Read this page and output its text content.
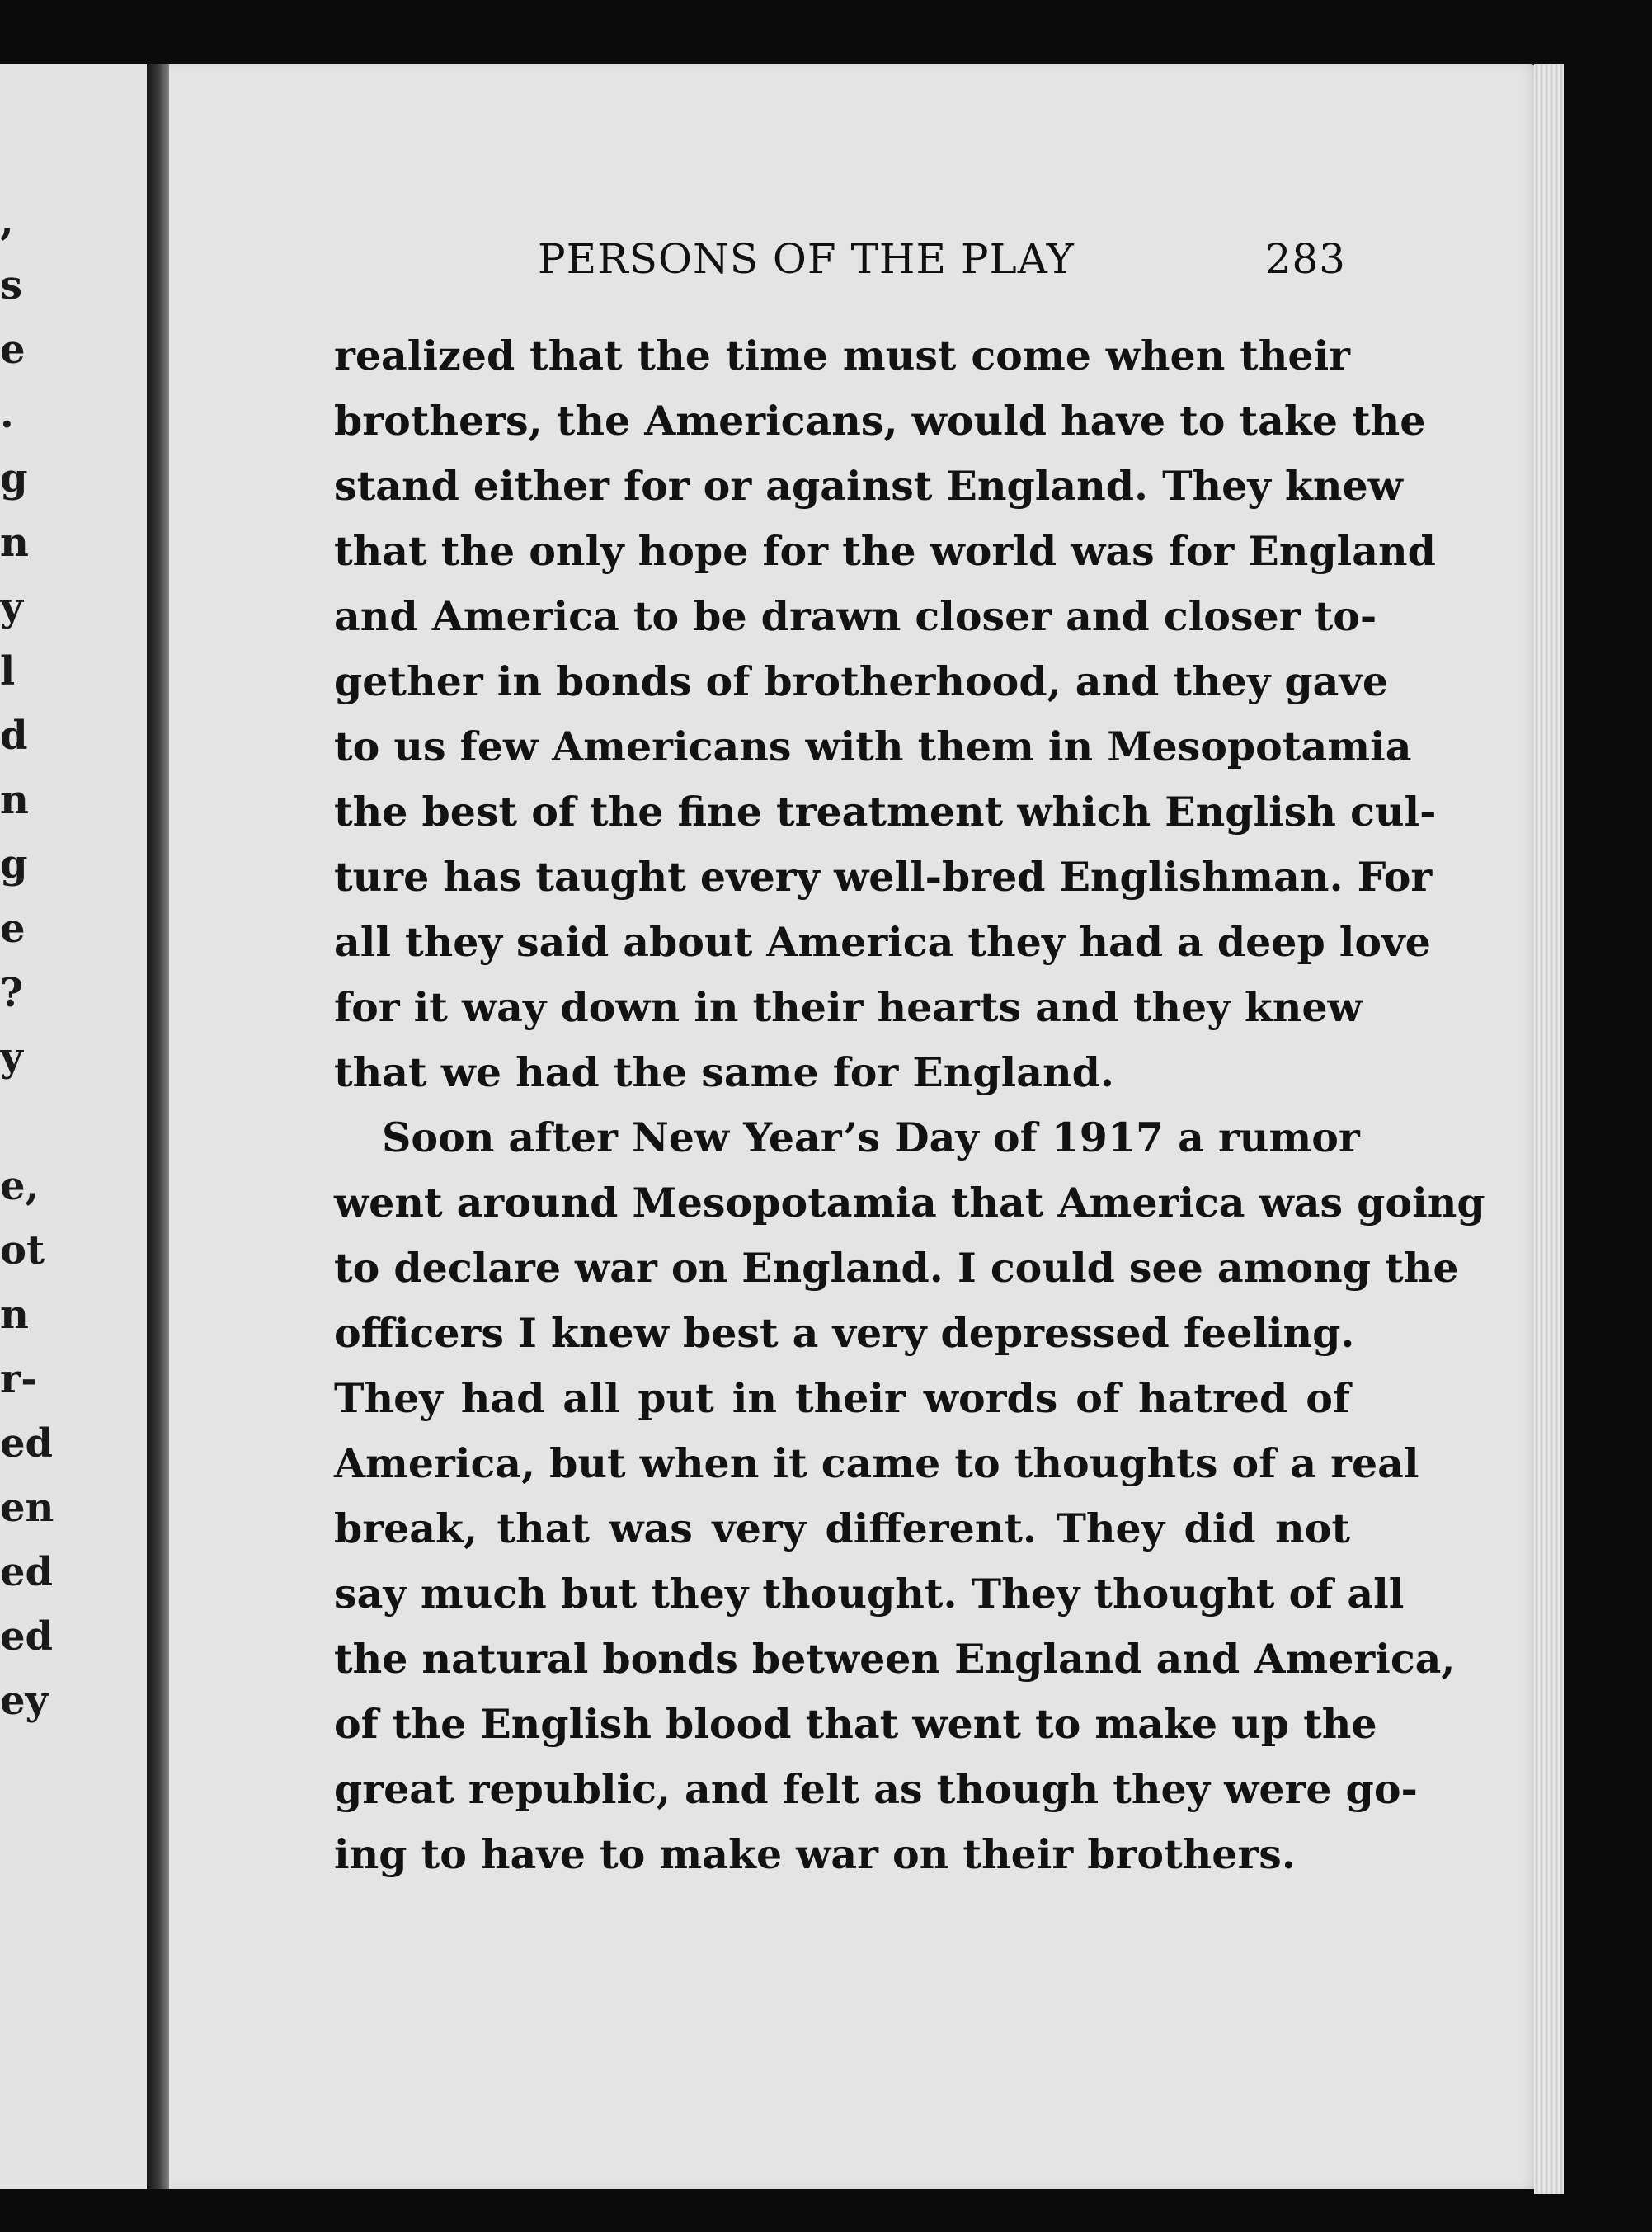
,
s
e
.
g
n
y
l
d
n
g
e
?
y
e,
ot
n
r-
ed
en
ed
ed
ey
PERSONS OF THE PLAY	283
realized that the time must come when their
brothers, the Americans, would have to take the
stand either for or against England. They knew
that the only hope for the world was for England
and America to be drawn closer and closer to-
gether in bonds of brotherhood, and they gave
to us few Americans with them in Mesopotamia
the best of the fine treatment which English cul-
ture has taught every well-bred Englishman. For
all they said about America they had a deep love
for it way down in their hearts and they knew
that we had the same for England.
Soon after New Year’s Day of 1917 a rumor
went around Mesopotamia that America was going
to declare war on England. I could see among the
officers I knew best a very depressed feeling.
They had all put in their words of hatred of
America, but when it came to thoughts of a real
break, that was very different. They did not
say much but they thought. They thought of all
the natural bonds between England and America,
of the English blood that went to make up the
great republic, and felt as though they were go-
ing to have to make war on their brothers.
